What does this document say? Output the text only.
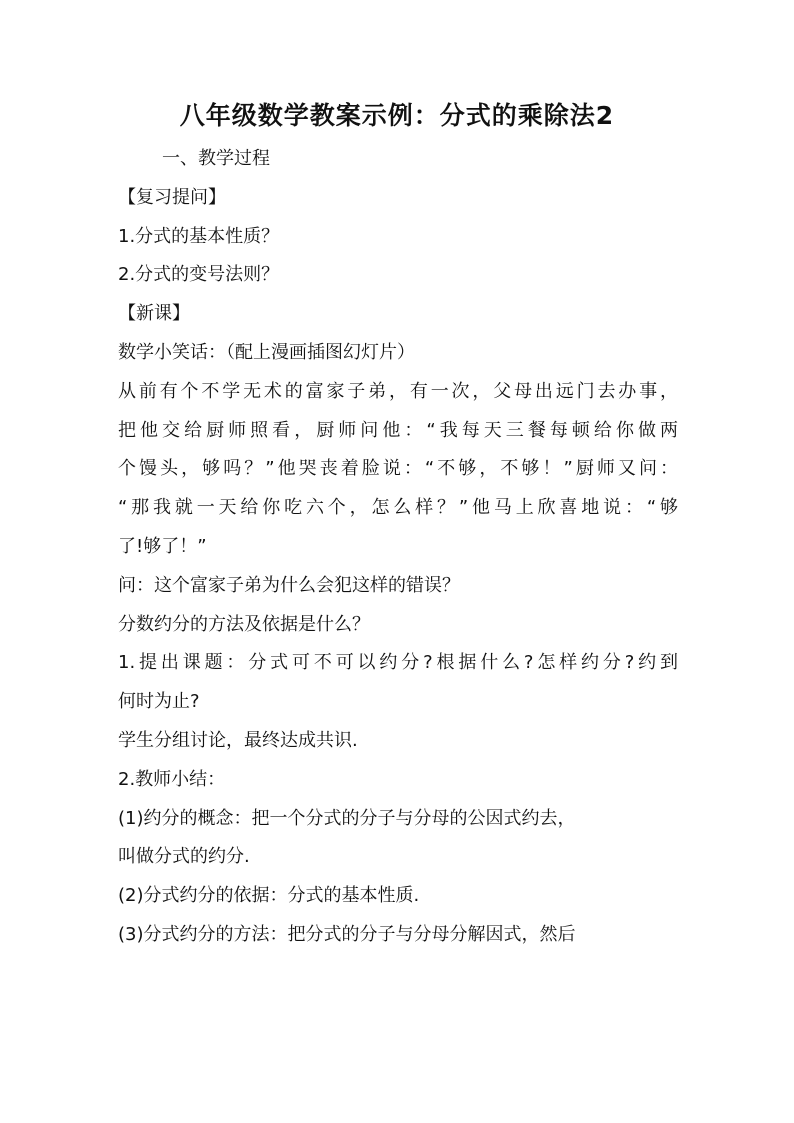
八年级数学教案示例：分式的乘除法2
一、教学过程
【复习提问】
1.分式的基本性质？
2.分式的变号法则？
【新课】
数学小笑话：（配上漫画插图幻灯片）
从前有个不学无术的富家子弟，有一次，父母出远门去办事，
把他交给厨师照看，厨师问他：“我每天三餐每顿给你做两
个馒头，够吗？”他哭丧着脸说：“不够，不够！”厨师又问：
“那我就一天给你吃六个，怎么样？”他马上欣喜地说：“够
了!够了！”
问：这个富家子弟为什么会犯这样的错误？
分数约分的方法及依据是什么？
1.提出课题：分式可不可以约分?根据什么?怎样约分?约到
何时为止?
学生分组讨论，最终达成共识.
2.教师小结：
(1)约分的概念：把一个分式的分子与分母的公因式约去，
叫做分式的约分.
(2)分式约分的依据：分式的基本性质.
(3)分式约分的方法：把分式的分子与分母分解因式，然后
